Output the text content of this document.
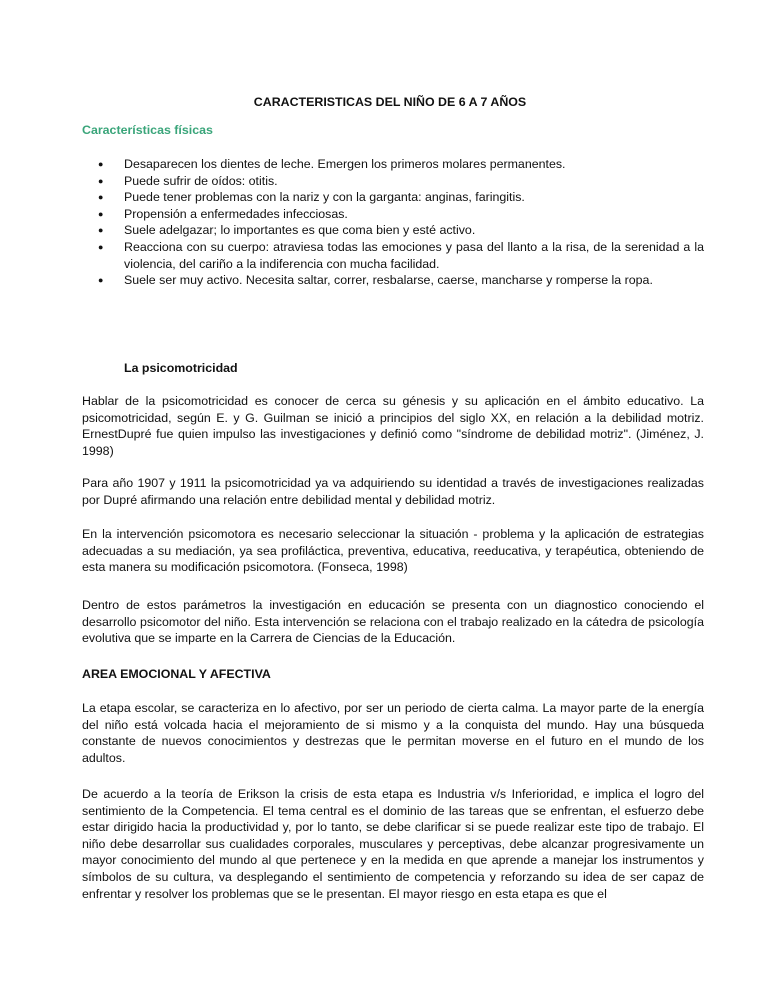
CARACTERISTICAS DEL NIÑO DE 6 A 7 AÑOS
Características físicas
● Desaparecen los dientes de leche. Emergen los primeros molares permanentes.
● Puede sufrir de oídos: otitis.
● Puede tener problemas con la nariz y con la garganta: anginas, faringitis.
● Propensión a enfermedades infecciosas.
● Suele adelgazar; lo importantes es que coma bien y esté activo.
● Reacciona con su cuerpo: atraviesa todas las emociones y pasa del llanto a la risa, de la serenidad a la violencia, del cariño a la indiferencia con mucha facilidad.
● Suele ser muy activo. Necesita saltar, correr, resbalarse, caerse, mancharse y romperse la ropa.
La psicomotricidad

Hablar de la psicomotricidad es conocer de cerca su génesis y su aplicación en el ámbito educativo. La psicomotricidad, según E. y G. Guilman se inició a principios del siglo XX, en relación a la debilidad motriz. ErnestDupré fue quien impulso las investigaciones y definió como "síndrome de debilidad motriz". (Jiménez, J. 1998)

Para año 1907 y 1911 la psicomotricidad ya va adquiriendo su identidad a través de investigaciones realizadas por Dupré afirmando una relación entre debilidad mental y debilidad motriz.

En la intervención psicomotora es necesario seleccionar la situación - problema y la aplicación de estrategias adecuadas a su mediación, ya sea profiláctica, preventiva, educativa, reeducativa, y terapéutica, obteniendo de esta manera su modificación psicomotora. (Fonseca, 1998)

Dentro de estos parámetros la investigación en educación se presenta con un diagnostico conociendo el desarrollo psicomotor del niño. Esta intervención se relaciona con el trabajo realizado en la cátedra de psicología evolutiva que se imparte en la Carrera de Ciencias de la Educación.

AREA EMOCIONAL Y AFECTIVA

La etapa escolar, se caracteriza en lo afectivo, por ser un periodo de cierta calma. La mayor parte de la energía del niño está volcada hacia el mejoramiento de si mismo y a la conquista del mundo. Hay una búsqueda constante de nuevos conocimientos y destrezas que le permitan moverse en el futuro en el mundo de los adultos.

De acuerdo a la teoría de Erikson la crisis de esta etapa es Industria v/s Inferioridad, e implica el logro del sentimiento de la Competencia. El tema central es el dominio de las tareas que se enfrentan, el esfuerzo debe estar dirigido hacia la productividad y, por lo tanto, se debe clarificar si se puede realizar este tipo de trabajo. El niño debe desarrollar sus cualidades corporales, musculares y perceptivas, debe alcanzar progresivamente un mayor conocimiento del mundo al que pertenece y en la medida en que aprende a manejar los instrumentos y símbolos de su cultura, va desplegando el sentimiento de competencia y reforzando su idea de ser capaz de enfrentar y resolver los problemas que se le presentan. El mayor riesgo en esta etapa es que el
